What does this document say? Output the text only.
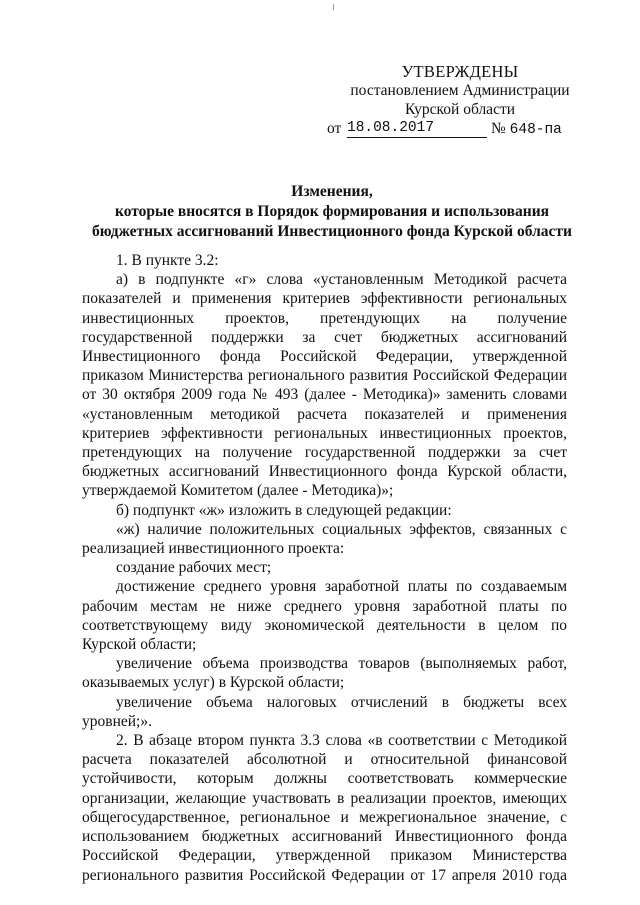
УТВЕРЖДЕНЫ
постановлением Администрации
Курской области
от 18.08.2017	№ 648-па
Изменения,
которые вносятся в Порядок формирования и использования
бюджетных ассигнований Инвестиционного фонда Курской области

1. В пункте 3.2:

а) в подпункте «г» слова «установленным Методикой расчета показателей и применения критериев эффективности региональных инвестиционных проектов, претендующих на получение государственной поддержки за счет бюджетных ассигнований Инвестиционного фонда Российской Федерации, утвержденной приказом Министерства регионального развития Российской Федерации от 30 октября 2009 года № 493 (далее - Методика)» заменить словами «установленным методикой расчета показателей и применения критериев эффективности региональных инвестиционных проектов, претендующих на получение государственной поддержки за счет бюджетных ассигнований Инвестиционного фонда Курской области, утверждаемой Комитетом (далее - Методика)»;

б) подпункт «ж» изложить в следующей редакции:

«ж) наличие положительных социальных эффектов, связанных с реализацией инвестиционного проекта:

создание рабочих мест;

достижение среднего уровня заработной платы по создаваемым рабочим местам не ниже среднего уровня заработной платы по соответствующему виду экономической деятельности в целом по Курской области;

увеличение объема производства товаров (выполняемых работ, оказываемых услуг) в Курской области;

увеличение объема налоговых отчислений в бюджеты всех уровней;».

2. В абзаце втором пункта 3.3 слова «в соответствии с Методикой расчета показателей абсолютной и относительной финансовой устойчивости, которым должны соответствовать коммерческие организации, желающие участвовать в реализации проектов, имеющих общегосударственное, региональное и межрегиональное значение, с использованием бюджетных ассигнований Инвестиционного фонда Российской Федерации, утвержденной приказом Министерства регионального развития Российской Федерации от 17 апреля 2010 года
